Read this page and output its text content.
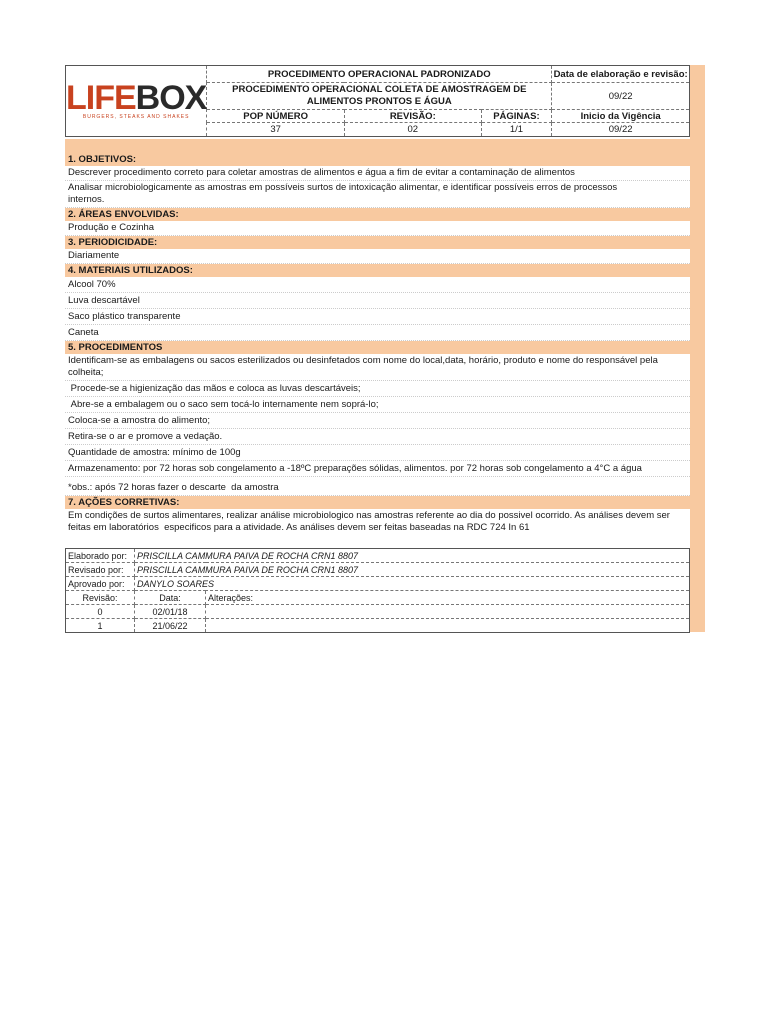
LIFEBOX
BURGERS, STEAKS AND SHAKES	PROCEDIMENTO OPERACIONAL PADRONIZADO			Data de elaboração e revisão:
	PROCEDIMENTO OPERACIONAL COLETA DE AMOSTRAGEM DE
ALIMENTOS PRONTOS E ÁGUA			09/22
	POP NÚMERO	REVISÃO:	PÁGINAS:	Inicio da Vigência
	37	02	1/1	09/22
1. OBJETIVOS:
Descrever procedimento correto para coletar amostras de alimentos e água a fim de evitar a contaminação de alimentos
Analisar microbiologicamente as amostras em possíveis surtos de intoxicação alimentar, e identificar possíveis erros de processos internos.
2. ÁREAS ENVOLVIDAS:
Produção e Cozinha
3. PERIODICIDADE:
Diariamente
4. MATERIAIS UTILIZADOS:
Alcool 70%
Luva descartável
Saco plástico transparente
Caneta
5. PROCEDIMENTOS
Identificam-se as embalagens ou sacos esterilizados ou desinfetados com nome do local,data, horário, produto e nome do responsável pela colheita;
Procede-se a higienização das mãos e coloca as luvas descartáveis;
Abre-se a embalagem ou o saco sem tocá-lo internamente nem soprá-lo;
Coloca-se a amostra do alimento;
Retira-se o ar e promove a vedação.
Quantidade de amostra: mínimo de 100g
Armazenamento: por 72 horas sob congelamento a -18ºC preparações sólidas, alimentos. por 72 horas sob congelamento a 4°C a água
*obs.: após 72 horas fazer o descarte  da amostra
7. AÇÕES CORRETIVAS:
Em condições de surtos alimentares, realizar análise microbiologico nas amostras referente ao dia do possivel ocorrido. As análises devem ser feitas em laboratórios  especificos para a atividade. As análises devem ser feitas baseadas na RDC 724 In 61
Elaborado por:	PRISCILLA CAMMURA PAIVA DE ROCHA CRN1 8807	
Revisado por:	PRISCILLA CAMMURA PAIVA DE ROCHA CRN1 8807	
Aprovado por:	DANYLO SOARES	
Revisão:	Data:	Alterações:
0	02/01/18	
1	21/06/22	
